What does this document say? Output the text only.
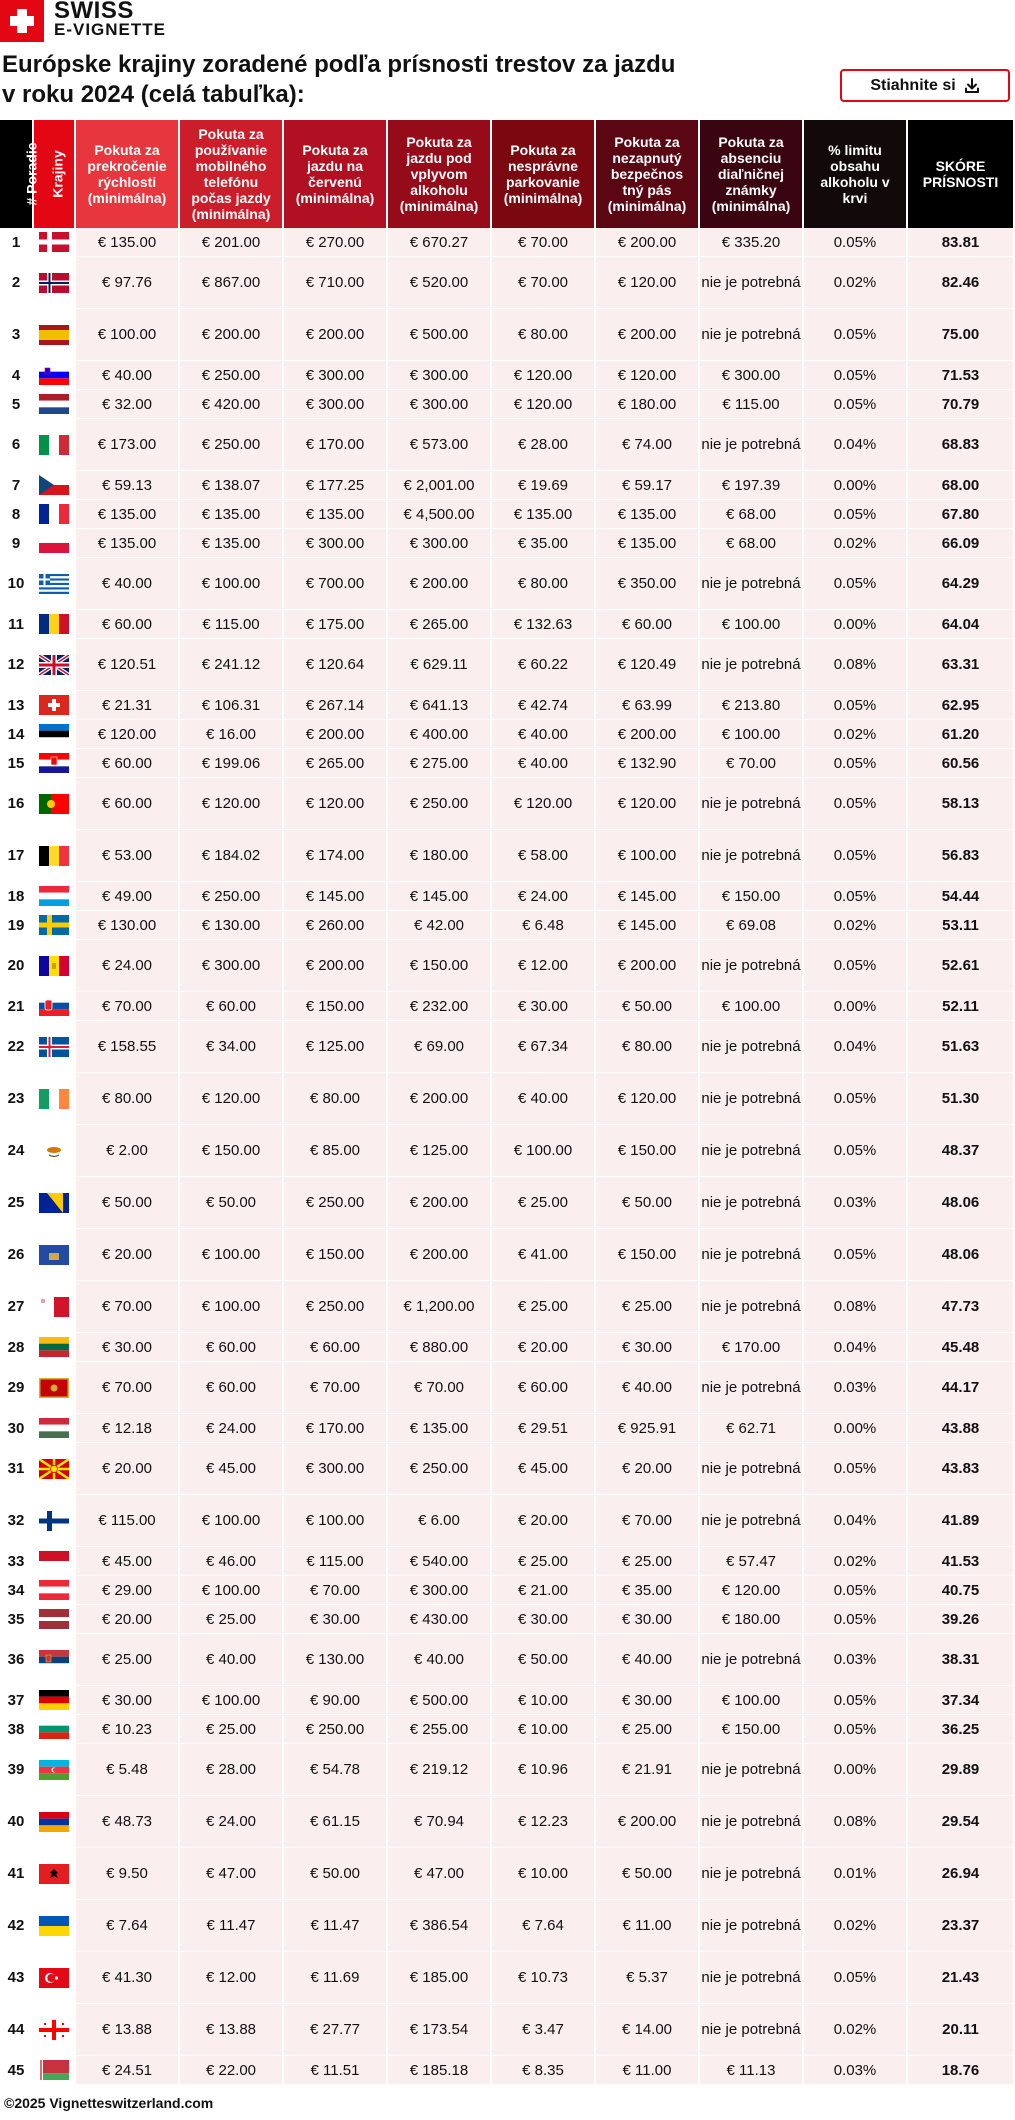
SWISS
E-VIGNETTE
Európske krajiny zoradené podľa prísnosti trestov za jazdu v roku 2024 (celá tabuľka):	Stiahnite si
# Poradie	Krajiny	Pokuta za prekročenie rýchlosti (minimálna)	Pokuta za používanie mobilného telefónu počas jazdy (minimálna)	Pokuta za jazdu na červenú (minimálna)	Pokuta za jazdu pod vplyvom alkoholu (minimálna)	Pokuta za nesprávne parkovanie (minimálna)	Pokuta za nezapnutý bezpečnos tný pás (minimálna)	Pokuta za absenciu diaľničnej známky (minimálna)	% limitu obsahu alkoholu v krvi	SKÓRE PRÍSNOSTI
1		€ 135.00	€ 201.00	€ 270.00	€ 670.27	€ 70.00	€ 200.00	€ 335.20	0.05%	83.81
2		€ 97.76	€ 867.00	€ 710.00	€ 520.00	€ 70.00	€ 120.00	nie je potrebná	0.02%	82.46
3		€ 100.00	€ 200.00	€ 200.00	€ 500.00	€ 80.00	€ 200.00	nie je potrebná	0.05%	75.00
4		€ 40.00	€ 250.00	€ 300.00	€ 300.00	€ 120.00	€ 120.00	€ 300.00	0.05%	71.53
5		€ 32.00	€ 420.00	€ 300.00	€ 300.00	€ 120.00	€ 180.00	€ 115.00	0.05%	70.79
6		€ 173.00	€ 250.00	€ 170.00	€ 573.00	€ 28.00	€ 74.00	nie je potrebná	0.04%	68.83
7		€ 59.13	€ 138.07	€ 177.25	€ 2,001.00	€ 19.69	€ 59.17	€ 197.39	0.00%	68.00
8		€ 135.00	€ 135.00	€ 135.00	€ 4,500.00	€ 135.00	€ 135.00	€ 68.00	0.05%	67.80
9		€ 135.00	€ 135.00	€ 300.00	€ 300.00	€ 35.00	€ 135.00	€ 68.00	0.02%	66.09
10		€ 40.00	€ 100.00	€ 700.00	€ 200.00	€ 80.00	€ 350.00	nie je potrebná	0.05%	64.29
11		€ 60.00	€ 115.00	€ 175.00	€ 265.00	€ 132.63	€ 60.00	€ 100.00	0.00%	64.04
12		€ 120.51	€ 241.12	€ 120.64	€ 629.11	€ 60.22	€ 120.49	nie je potrebná	0.08%	63.31
13		€ 21.31	€ 106.31	€ 267.14	€ 641.13	€ 42.74	€ 63.99	€ 213.80	0.05%	62.95
14		€ 120.00	€ 16.00	€ 200.00	€ 400.00	€ 40.00	€ 200.00	€ 100.00	0.02%	61.20
15		€ 60.00	€ 199.06	€ 265.00	€ 275.00	€ 40.00	€ 132.90	€ 70.00	0.05%	60.56
16		€ 60.00	€ 120.00	€ 120.00	€ 250.00	€ 120.00	€ 120.00	nie je potrebná	0.05%	58.13
17		€ 53.00	€ 184.02	€ 174.00	€ 180.00	€ 58.00	€ 100.00	nie je potrebná	0.05%	56.83
18		€ 49.00	€ 250.00	€ 145.00	€ 145.00	€ 24.00	€ 145.00	€ 150.00	0.05%	54.44
19		€ 130.00	€ 130.00	€ 260.00	€ 42.00	€ 6.48	€ 145.00	€ 69.08	0.02%	53.11
20		€ 24.00	€ 300.00	€ 200.00	€ 150.00	€ 12.00	€ 200.00	nie je potrebná	0.05%	52.61
21		€ 70.00	€ 60.00	€ 150.00	€ 232.00	€ 30.00	€ 50.00	€ 100.00	0.00%	52.11
22		€ 158.55	€ 34.00	€ 125.00	€ 69.00	€ 67.34	€ 80.00	nie je potrebná	0.04%	51.63
23		€ 80.00	€ 120.00	€ 80.00	€ 200.00	€ 40.00	€ 120.00	nie je potrebná	0.05%	51.30
24		€ 2.00	€ 150.00	€ 85.00	€ 125.00	€ 100.00	€ 150.00	nie je potrebná	0.05%	48.37
25		€ 50.00	€ 50.00	€ 250.00	€ 200.00	€ 25.00	€ 50.00	nie je potrebná	0.03%	48.06
26		€ 20.00	€ 100.00	€ 150.00	€ 200.00	€ 41.00	€ 150.00	nie je potrebná	0.05%	48.06
27		€ 70.00	€ 100.00	€ 250.00	€ 1,200.00	€ 25.00	€ 25.00	nie je potrebná	0.08%	47.73
28		€ 30.00	€ 60.00	€ 60.00	€ 880.00	€ 20.00	€ 30.00	€ 170.00	0.04%	45.48
29		€ 70.00	€ 60.00	€ 70.00	€ 70.00	€ 60.00	€ 40.00	nie je potrebná	0.03%	44.17
30		€ 12.18	€ 24.00	€ 170.00	€ 135.00	€ 29.51	€ 925.91	€ 62.71	0.00%	43.88
31		€ 20.00	€ 45.00	€ 300.00	€ 250.00	€ 45.00	€ 20.00	nie je potrebná	0.05%	43.83
32		€ 115.00	€ 100.00	€ 100.00	€ 6.00	€ 20.00	€ 70.00	nie je potrebná	0.04%	41.89
33		€ 45.00	€ 46.00	€ 115.00	€ 540.00	€ 25.00	€ 25.00	€ 57.47	0.02%	41.53
34		€ 29.00	€ 100.00	€ 70.00	€ 300.00	€ 21.00	€ 35.00	€ 120.00	0.05%	40.75
35		€ 20.00	€ 25.00	€ 30.00	€ 430.00	€ 30.00	€ 30.00	€ 180.00	0.05%	39.26
36		€ 25.00	€ 40.00	€ 130.00	€ 40.00	€ 50.00	€ 40.00	nie je potrebná	0.03%	38.31
37		€ 30.00	€ 100.00	€ 90.00	€ 500.00	€ 10.00	€ 30.00	€ 100.00	0.05%	37.34
38		€ 10.23	€ 25.00	€ 250.00	€ 255.00	€ 10.00	€ 25.00	€ 150.00	0.05%	36.25
39		€ 5.48	€ 28.00	€ 54.78	€ 219.12	€ 10.96	€ 21.91	nie je potrebná	0.00%	29.89
40		€ 48.73	€ 24.00	€ 61.15	€ 70.94	€ 12.23	€ 200.00	nie je potrebná	0.08%	29.54
41		€ 9.50	€ 47.00	€ 50.00	€ 47.00	€ 10.00	€ 50.00	nie je potrebná	0.01%	26.94
42		€ 7.64	€ 11.47	€ 11.47	€ 386.54	€ 7.64	€ 11.00	nie je potrebná	0.02%	23.37
43		€ 41.30	€ 12.00	€ 11.69	€ 185.00	€ 10.73	€ 5.37	nie je potrebná	0.05%	21.43
44		€ 13.88	€ 13.88	€ 27.77	€ 173.54	€ 3.47	€ 14.00	nie je potrebná	0.02%	20.11
45		€ 24.51	€ 22.00	€ 11.51	€ 185.18	€ 8.35	€ 11.00	€ 11.13	0.03%	18.76
©2025 Vignetteswitzerland.com
